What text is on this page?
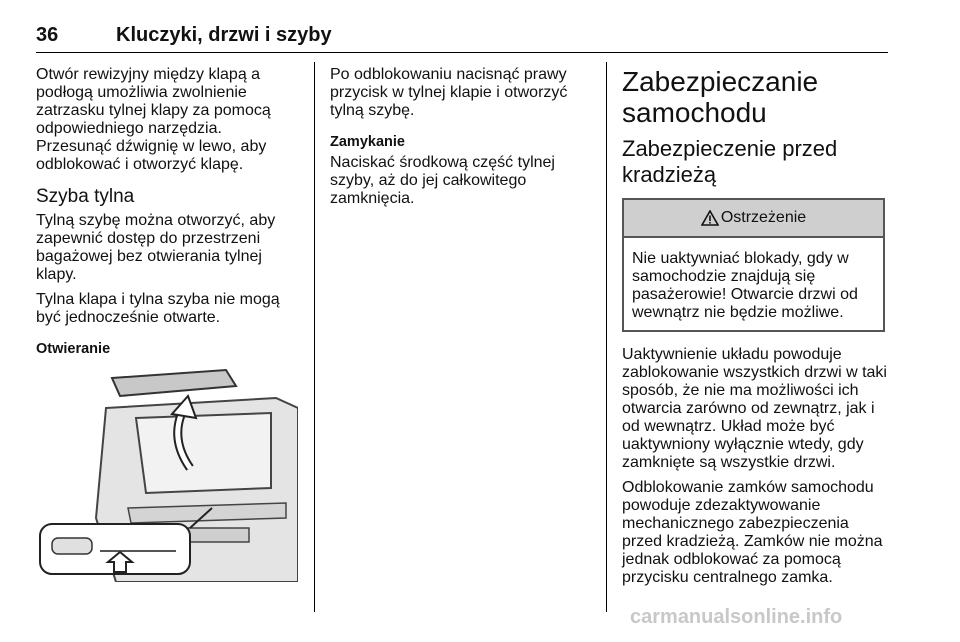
36	Kluczyki, drzwi i szyby

Otwór rewizyjny między klapą a podłogą umożliwia zwolnienie zatrzasku tylnej klapy za pomocą odpowiedniego narzędzia. Przesunąć dźwignię w lewo, aby odblokować i otworzyć klapę.

Szyba tylna

Tylną szybę można otworzyć, aby zapewnić dostęp do przestrzeni bagażowej bez otwierania tylnej klapy.

Tylna klapa i tylna szyba nie mogą być jednocześnie otwarte.

Otwieranie

Po odblokowaniu nacisnąć prawy przycisk w tylnej klapie i otworzyć tylną szybę.

Zamykanie

Naciskać środkową część tylnej szyby, aż do jej całkowitego zamknięcia.

Zabezpieczanie samochodu
Zabezpieczenie przed kradzieżą
Ostrzeżenie
Nie uaktywniać blokady, gdy w samochodzie znajdują się pasażerowie! Otwarcie drzwi od wewnątrz nie będzie możliwe.

Uaktywnienie układu powoduje zablokowanie wszystkich drzwi w taki sposób, że nie ma możliwości ich otwarcia zarówno od zewnątrz, jak i od wewnątrz. Układ może być uaktywniony wyłącznie wtedy, gdy zamknięte są wszystkie drzwi.

Odblokowanie zamków samochodu powoduje zdezaktywowanie mechanicznego zabezpieczenia przed kradzieżą. Zamków nie można jednak odblokować za pomocą przycisku centralnego zamka.

carmanualsonline.info
